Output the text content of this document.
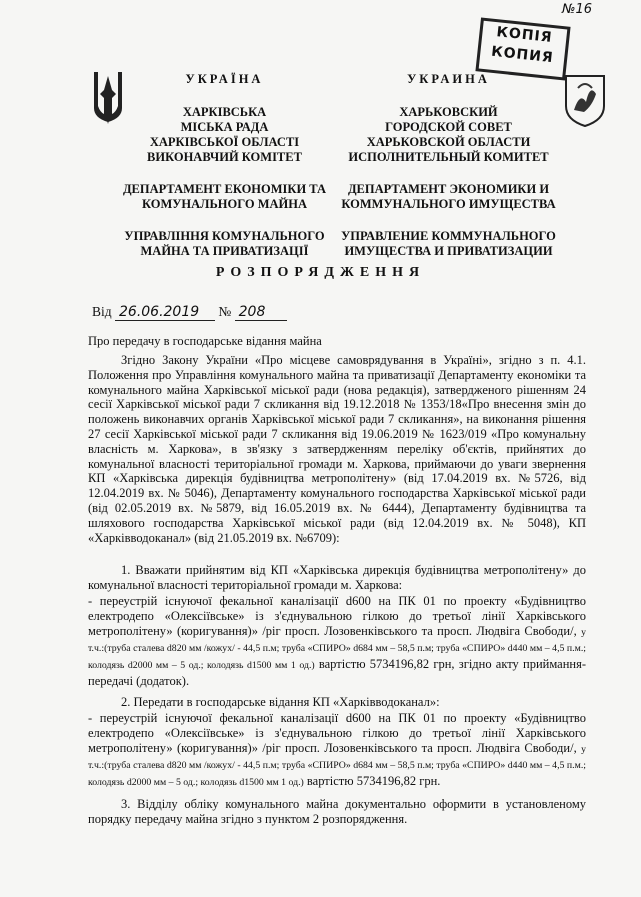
№16
КОПІЯ
КОПИЯ
УКРАЇНА
ХАРКІВСЬКА
МІСЬКА РАДА
ХАРКІВСЬКОЇ ОБЛАСТІ
ВИКОНАВЧИЙ КОМІТЕТ
ДЕПАРТАМЕНТ ЕКОНОМІКИ ТА
КОМУНАЛЬНОГО МАЙНА
УПРАВЛІННЯ КОМУНАЛЬНОГО
МАЙНА ТА ПРИВАТИЗАЦІЇ
УКРАИНА
ХАРЬКОВСКИЙ
ГОРОДСКОЙ СОВЕТ
ХАРЬКОВСКОЙ ОБЛАСТИ
ИСПОЛНИТЕЛЬНЫЙ КОМИТЕТ
ДЕПАРТАМЕНТ ЭКОНОМИКИ И
КОММУНАЛЬНОГО ИМУЩЕСТВА
УПРАВЛЕНИЕ КОММУНАЛЬНОГО
ИМУЩЕСТВА И ПРИВАТИЗАЦИИ
РОЗПОРЯДЖЕННЯ
Від 26.06.2019 № 208
Про передачу в господарське відання майна
Згідно Закону України «Про місцеве самоврядування в Україні», згідно з п. 4.1. Положення про Управління комунального майна та приватизації Департаменту економіки та комунального майна Харківської міської ради (нова редакція), затвердженого рішенням 24 сесії Харківської міської ради 7 скликання від 19.12.2018 № 1353/18«Про внесення змін до положень виконавчих органів Харківської міської ради 7 скликання», на виконання рішення 27 сесії Харківської міської ради 7 скликання від 19.06.2019 № 1623/019 «Про комунальну власність м. Харкова», в зв'язку з затвердженням переліку об'єктів, прийнятих до комунальної власності територіальної громади м. Харкова, приймаючи до уваги звернення КП «Харківська дирекція будівництва метрополітену» (від 17.04.2019 вх. №5726, від 12.04.2019 вх. № 5046), Департаменту комунального господарства Харківської міської ради (від 02.05.2019 вх. №5879, від 16.05.2019 вх. № 6444), Департаменту будівництва та шляхового господарства Харківської міської ради (від 12.04.2019 вх. № 5048), КП «Харківводоканал» (від 21.05.2019 вх. №6709):
1. Вважати прийнятим від КП «Харківська дирекція будівництва метрополітену» до комунальної власності територіальної громади м. Харкова:
- переустрій існуючої фекальної каналізації d600 на ПК 01 по проекту «Будівництво електродепо «Олексіївське» із з'єднувальною гілкою до третьої лінії Харківського метрополітену» (коригування)» /ріг просп. Лозовенківського та просп. Людвіга Свободи/, у т.ч.:(труба сталева d820 мм /кожух/ - 44,5 п.м; труба «СПИРО» d684 мм – 58,5 п.м; труба «СПИРО» d440 мм – 4,5 п.м.; колодязь d2000 мм – 5 од.; колодязь d1500 мм 1 од.) вартістю 5734196,82 грн, згідно акту приймання-передачі (додаток).
2. Передати в господарське відання КП «Харківводоканал»:
- переустрій існуючої фекальної каналізації d600 на ПК 01 по проекту «Будівництво електродепо «Олексіївське» із з'єднувальною гілкою до третьої лінії Харківського метрополітену» (коригування)» /ріг просп. Лозовенківського та просп. Людвіга Свободи/, у т.ч.:(труба сталева d820 мм /кожух/ - 44,5 п.м; труба «СПИРО» d684 мм – 58,5 п.м; труба «СПИРО» d440 мм – 4,5 п.м.; колодязь d2000 мм – 5 од.; колодязь d1500 мм 1 од.) вартістю 5734196,82 грн.
3. Відділу обліку комунального майна документально оформити в установленому порядку передачу майна згідно з пунктом 2 розпорядження.
